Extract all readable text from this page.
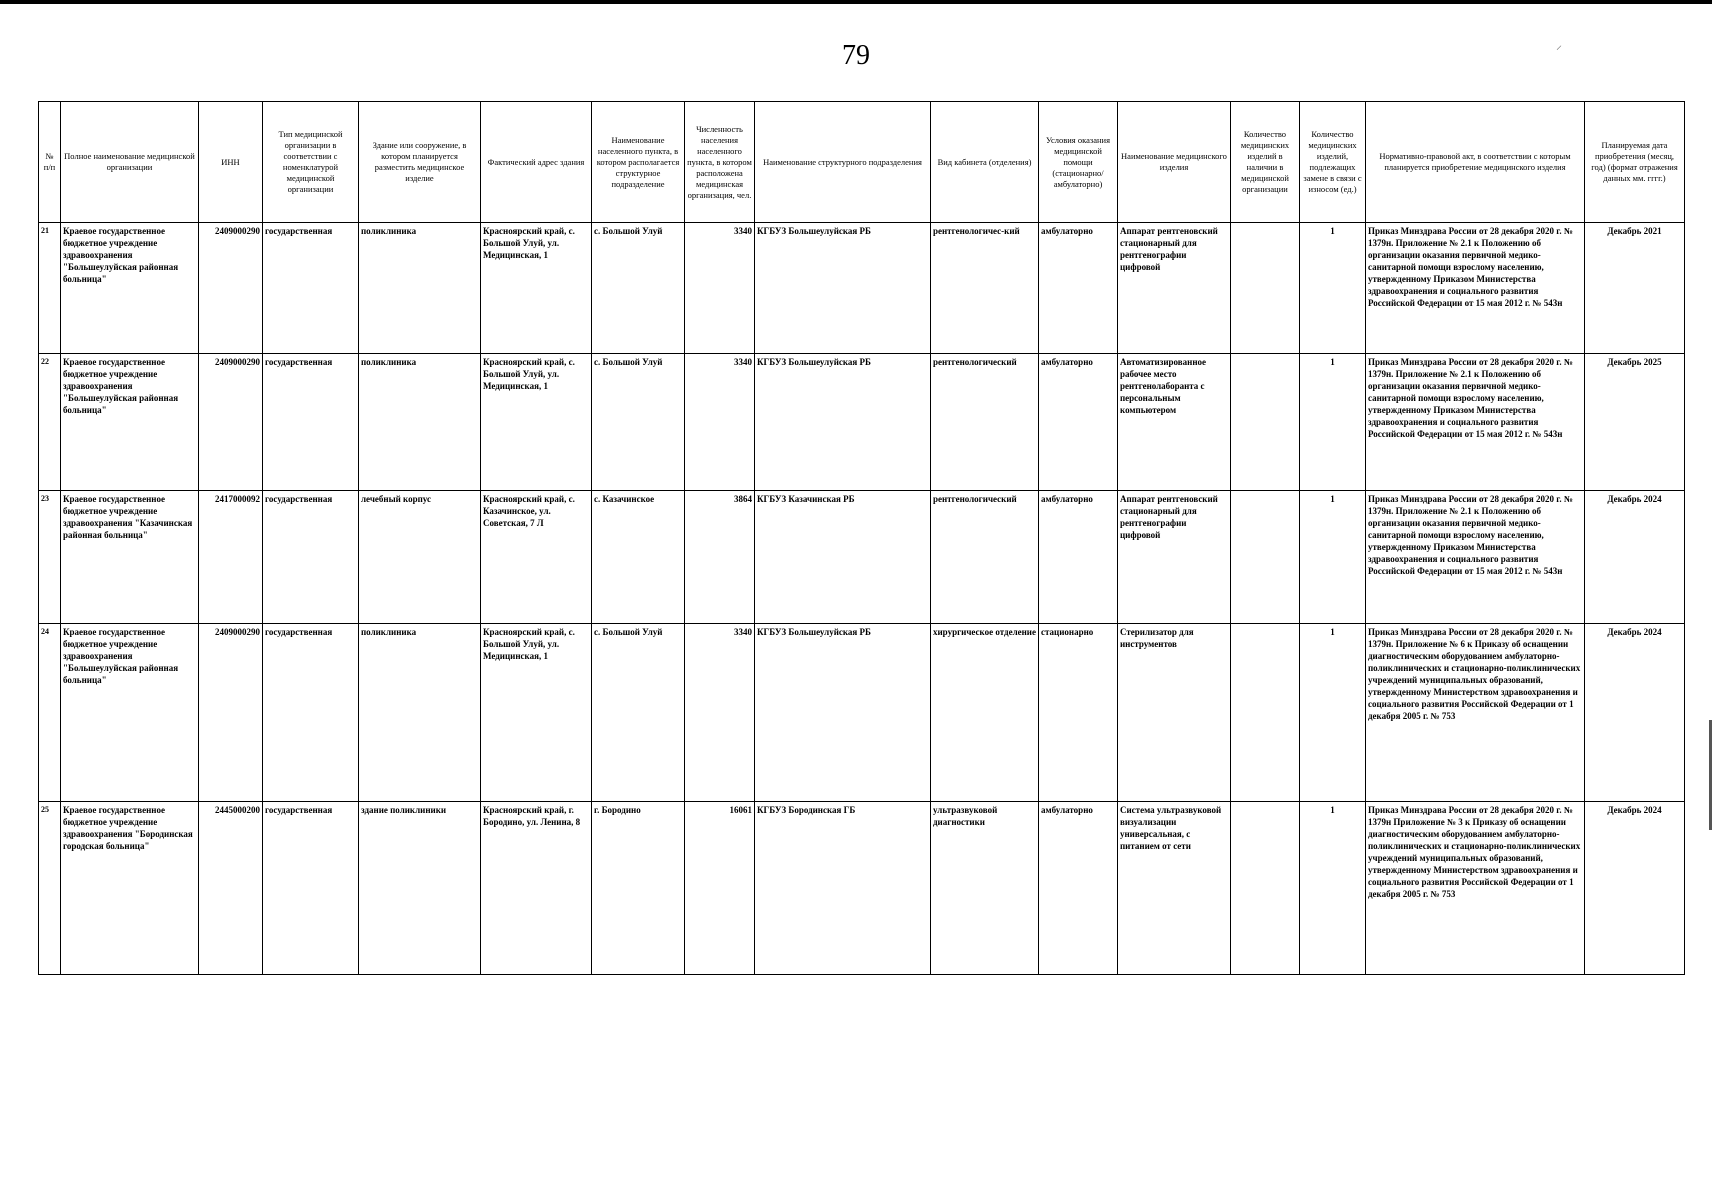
79	⸝
№ п/п	Полное наименование медицинской организации	ИНН	Тип медицинской организации в соответствии с номенклатурой медицинской организации	Здание или сооружение, в котором планируется разместить медицинское изделие	Фактический адрес здания	Наименование населенного пункта, в котором располагается структурное подразделение	Численность населения населенного пункта, в котором расположена медицинская организация, чел.	Наименование структурного подразделения	Вид кабинета (отделения)	Условия оказания медицинской помощи (стационарно/ амбулаторно)	Наименование медицинского изделия	Количество медицинских изделий в наличии в медицинской организации	Количество медицинских изделий, подлежащих замене в связи с износом (ед.)	Нормативно-правовой акт, в соответствии с которым планируется приобретение медицинского изделия	Планируемая дата приобретения (месяц, год) (формат отражения данных мм. гггг.)
21	Краевое государственное бюджетное учреждение здравоохранения "Большеулуйская районная больница"	2409000290	государственная	поликлиника	Красноярский край, с. Большой Улуй, ул. Медицинская, 1	с. Большой Улуй	3340	КГБУЗ Большеулуйская РБ	рентгенологичес-кий	амбулаторно	Аппарат рентгеновский стационарный для рентгенографии цифровой		1	Приказ Минздрава России от 28 декабря 2020 г. № 1379н. Приложение № 2.1 к Положению об организации оказания первичной медико-санитарной помощи взрослому населению, утвержденному Приказом Министерства здравоохранения и социального развития Российской Федерации от 15 мая 2012 г. № 543н	Декабрь 2021
22	Краевое государственное бюджетное учреждение здравоохранения "Большеулуйская районная больница"	2409000290	государственная	поликлиника	Красноярский край, с. Большой Улуй, ул. Медицинская, 1	с. Большой Улуй	3340	КГБУЗ Большеулуйская РБ	рентгенологический	амбулаторно	Автоматизированное рабочее место рентгенолаборанта с персональным компьютером		1	Приказ Минздрава России от 28 декабря 2020 г. № 1379н. Приложение № 2.1 к Положению об организации оказания первичной медико-санитарной помощи взрослому населению, утвержденному Приказом Министерства здравоохранения и социального развития Российской Федерации от 15 мая 2012 г. № 543н	Декабрь 2025
23	Краевое государственное бюджетное учреждение здравоохранения "Казачинская районная больница"	2417000092	государственная	лечебный корпус	Красноярский край, с. Казачинское, ул. Советская, 7 Л	с. Казачинское	3864	КГБУЗ Казачинская РБ	рентгенологический	амбулаторно	Аппарат рентгеновский стационарный для рентгенографии цифровой		1	Приказ Минздрава России от 28 декабря 2020 г. № 1379н. Приложение № 2.1 к Положению об организации оказания первичной медико-санитарной помощи взрослому населению, утвержденному Приказом Министерства здравоохранения и социального развития Российской Федерации от 15 мая 2012 г. № 543н	Декабрь 2024
24	Краевое государственное бюджетное учреждение здравоохранения "Большеулуйская районная больница"	2409000290	государственная	поликлиника	Красноярский край, с. Большой Улуй, ул. Медицинская, 1	с. Большой Улуй	3340	КГБУЗ Большеулуйская РБ	хирургическое отделение	стационарно	Стерилизатор для инструментов		1	Приказ Минздрава России от 28 декабря 2020 г. № 1379н. Приложение № 6 к Приказу об оснащении диагностическим оборудованием амбулаторно-поликлинических и стационарно-поликлинических учреждений муниципальных образований, утвержденному Министерством здравоохранения и социального развития Российской Федерации от 1 декабря 2005 г. № 753	Декабрь 2024
25	Краевое государственное бюджетное учреждение здравоохранения "Бородинская городская больница"	2445000200	государственная	здание поликлиники	Красноярский край, г. Бородино, ул. Ленина, 8	г. Бородино	16061	КГБУЗ Бородинская ГБ	ультразвуковой диагностики	амбулаторно	Система ультразвуковой визуализации универсальная, с питанием от сети		1	Приказ Минздрава России от 28 декабря 2020 г. № 1379н Приложение № 3 к Приказу об оснащении диагностическим оборудованием амбулаторно-поликлинических и стационарно-поликлинических учреждений муниципальных образований, утвержденному Министерством здравоохранения и социального развития Российской Федерации от 1 декабря 2005 г. № 753	Декабрь 2024
